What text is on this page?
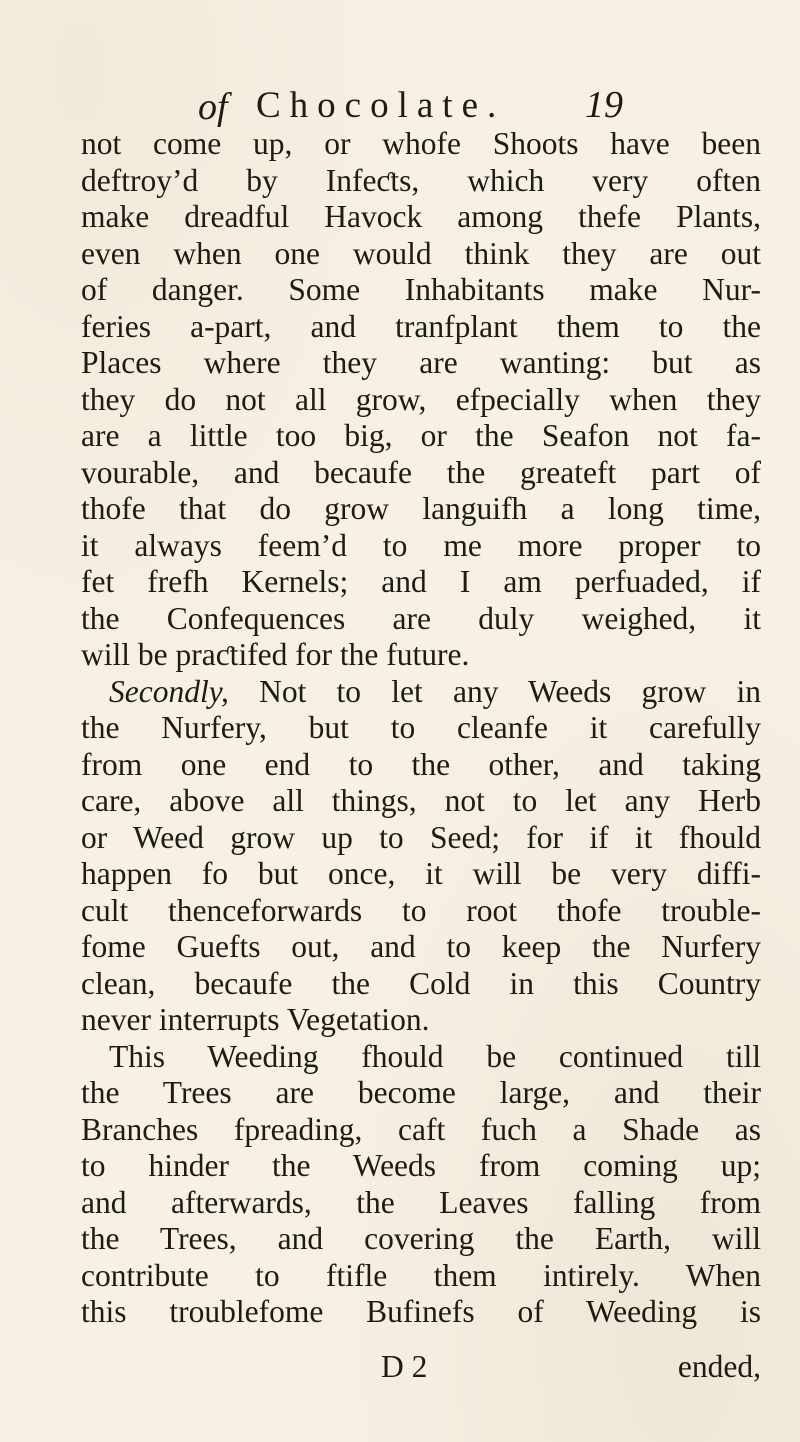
of Chocolate. 19
not come up, or whofe Shoots have been
deftroy’d by Infeƈts, which very often
make dreadful Havock among thefe Plants,
even when one would think they are out
of danger. Some Inhabitants make Nur-
feries a-part, and tranfplant them to the
Places where they are wanting: but as
they do not all grow, efpecially when they
are a little too big, or the Seafon not fa-
vourable, and becaufe the greateft part of
thofe that do grow languifh a long time,
it always feem’d to me more proper to
fet frefh Kernels; and I am perfuaded, if
the Confequences are duly weighed, it
will be praƈtifed for the future.
Secondly, Not to let any Weeds grow in
the Nurfery, but to cleanfe it carefully
from one end to the other, and taking
care, above all things, not to let any Herb
or Weed grow up to Seed; for if it fhould
happen fo but once, it will be very diffi-
cult thenceforwards to root thofe trouble-
fome Guefts out, and to keep the Nurfery
clean, becaufe the Cold in this Country
never interrupts Vegetation.
This Weeding fhould be continued till
the Trees are become large, and their
Branches fpreading, caft fuch a Shade as
to hinder the Weeds from coming up;
and afterwards, the Leaves falling from
the Trees, and covering the Earth, will
contribute to ftifle them intirely. When
this troublefome Bufinefs of Weeding is
D 2	ended,
